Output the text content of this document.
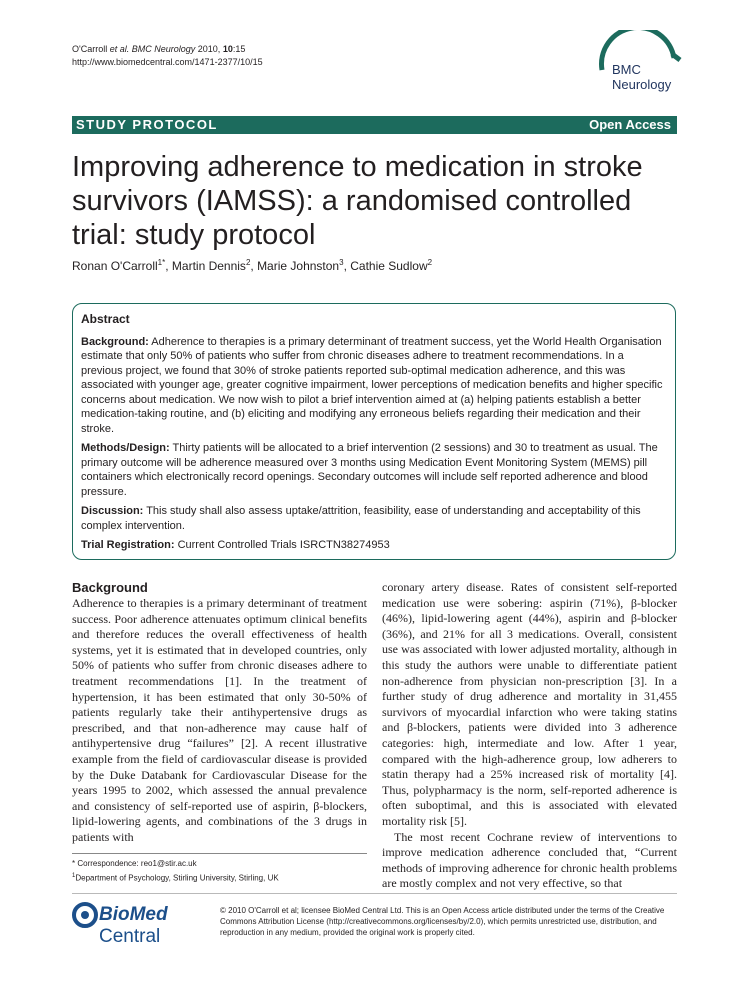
O'Carroll et al. BMC Neurology 2010, 10:15
http://www.biomedcentral.com/1471-2377/10/15	BMC
Neurology
STUDY PROTOCOL	Open Access
Improving adherence to medication in stroke survivors (IAMSS): a randomised controlled trial: study protocol
Ronan O'Carroll$^{1*}$, Martin Dennis$^2$, Marie Johnston$^3$, Cathie Sudlow$^2$
Abstract

Background: Adherence to therapies is a primary determinant of treatment success, yet the World Health Organisation estimate that only 50% of patients who suffer from chronic diseases adhere to treatment recommendations. In a previous project, we found that 30% of stroke patients reported sub-optimal medication adherence, and this was associated with younger age, greater cognitive impairment, lower perceptions of medication benefits and higher specific concerns about medication. We now wish to pilot a brief intervention aimed at (a) helping patients establish a better medication-taking routine, and (b) eliciting and modifying any erroneous beliefs regarding their medication and their stroke.

Methods/Design: Thirty patients will be allocated to a brief intervention (2 sessions) and 30 to treatment as usual. The primary outcome will be adherence measured over 3 months using Medication Event Monitoring System (MEMS) pill containers which electronically record openings. Secondary outcomes will include self reported adherence and blood pressure.

Discussion: This study shall also assess uptake/attrition, feasibility, ease of understanding and acceptability of this complex intervention.

Trial Registration: Current Controlled Trials ISRCTN38274953

Background

Adherence to therapies is a primary determinant of treatment success. Poor adherence attenuates optimum clinical benefits and therefore reduces the overall effectiveness of health systems, yet it is estimated that in developed countries, only 50% of patients who suffer from chronic diseases adhere to treatment recommendations [1]. In the treatment of hypertension, it has been estimated that only 30-50% of patients regularly take their antihypertensive drugs as prescribed, and that non-adherence may cause half of antihypertensive drug “failures” [2]. A recent illustrative example from the field of cardiovascular disease is provided by the Duke Databank for Cardiovascular Disease for the years 1995 to 2002, which assessed the annual prevalence and consistency of self-reported use of aspirin, β-blockers, lipid-lowering agents, and combinations of the 3 drugs in patients with

coronary artery disease. Rates of consistent self-reported medication use were sobering: aspirin (71%), β-blocker (46%), lipid-lowering agent (44%), aspirin and β-blocker (36%), and 21% for all 3 medications. Overall, consistent use was associated with lower adjusted mortality, although in this study the authors were unable to differentiate patient non-adherence from physician non-prescription [3]. In a further study of drug adherence and mortality in 31,455 survivors of myocardial infarction who were taking statins and β-blockers, patients were divided into 3 adherence categories: high, intermediate and low. After 1 year, compared with the high-adherence group, low adherers to statin therapy had a 25% increased risk of mortality [4]. Thus, polypharmacy is the norm, self-reported adherence is often suboptimal, and this is associated with elevated mortality risk [5].

The most recent Cochrane review of interventions to improve medication adherence concluded that, “Current methods of improving adherence for chronic health problems are mostly complex and not very effective, so that

* Correspondence: reo1@stir.ac.uk
$^1$Department of Psychology, Stirling University, Stirling, UK
BioMed Central
© 2010 O'Carroll et al; licensee BioMed Central Ltd. This is an Open Access article distributed under the terms of the Creative Commons Attribution License (http://creativecommons.org/licenses/by/2.0), which permits unrestricted use, distribution, and reproduction in any medium, provided the original work is properly cited.
